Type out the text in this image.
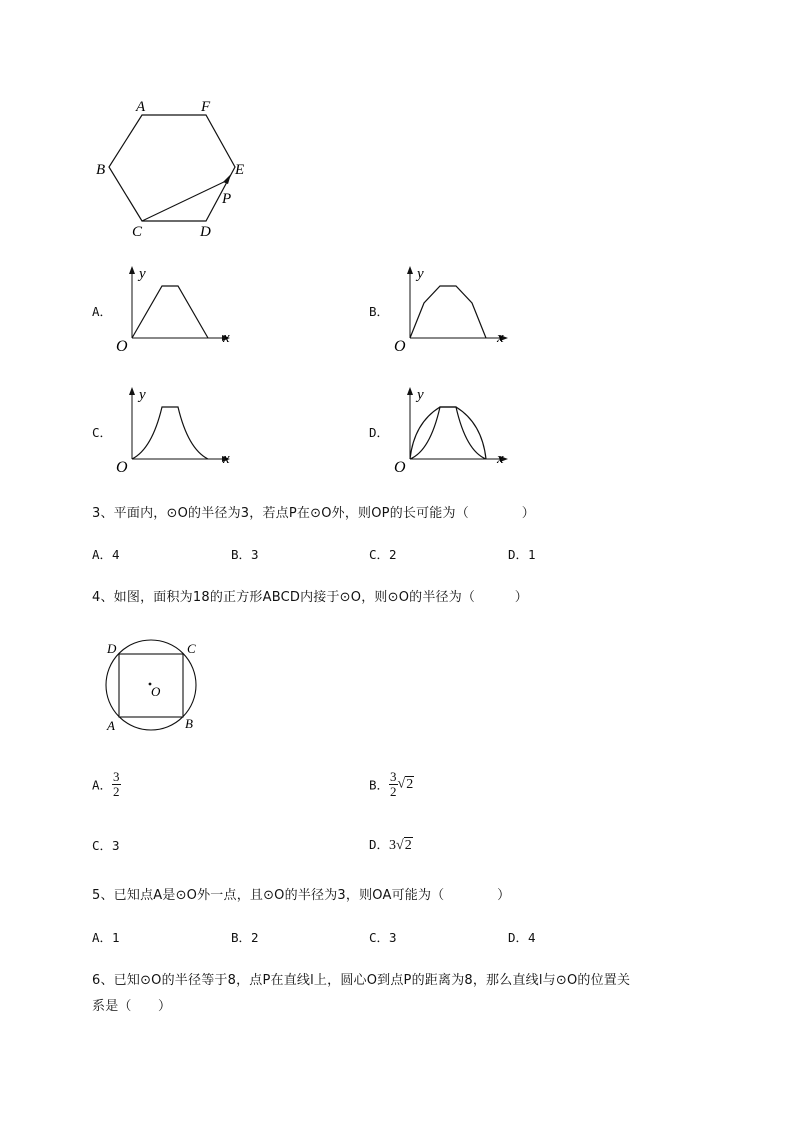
A	F
B	E
P
C	D
A．
y
x
O
B．
y
x
O
C．
y
x
O
D．
y
x
O
3、平面内，⊙O的半径为3，若点P在⊙O外，则OP的长可能为（　　　　）
A．4	B．3	C．2	D．1
4、如图，面积为18的正方形ABCD内接于⊙O，则⊙O的半径为（　　　）
D	C
A	B
O
A． $\frac{3}{2}$	B． $\frac{3}{2} √2$
C．3	D．3√2
5、已知点A是⊙O外一点，且⊙O的半径为3，则OA可能为（　　　　）
A．1	B．2	C．3	D．4
6、已知⊙O的半径等于8，点P在直线l上，圆心O到点P的距离为8，那么直线l与⊙O的位置关
系是（　　）
